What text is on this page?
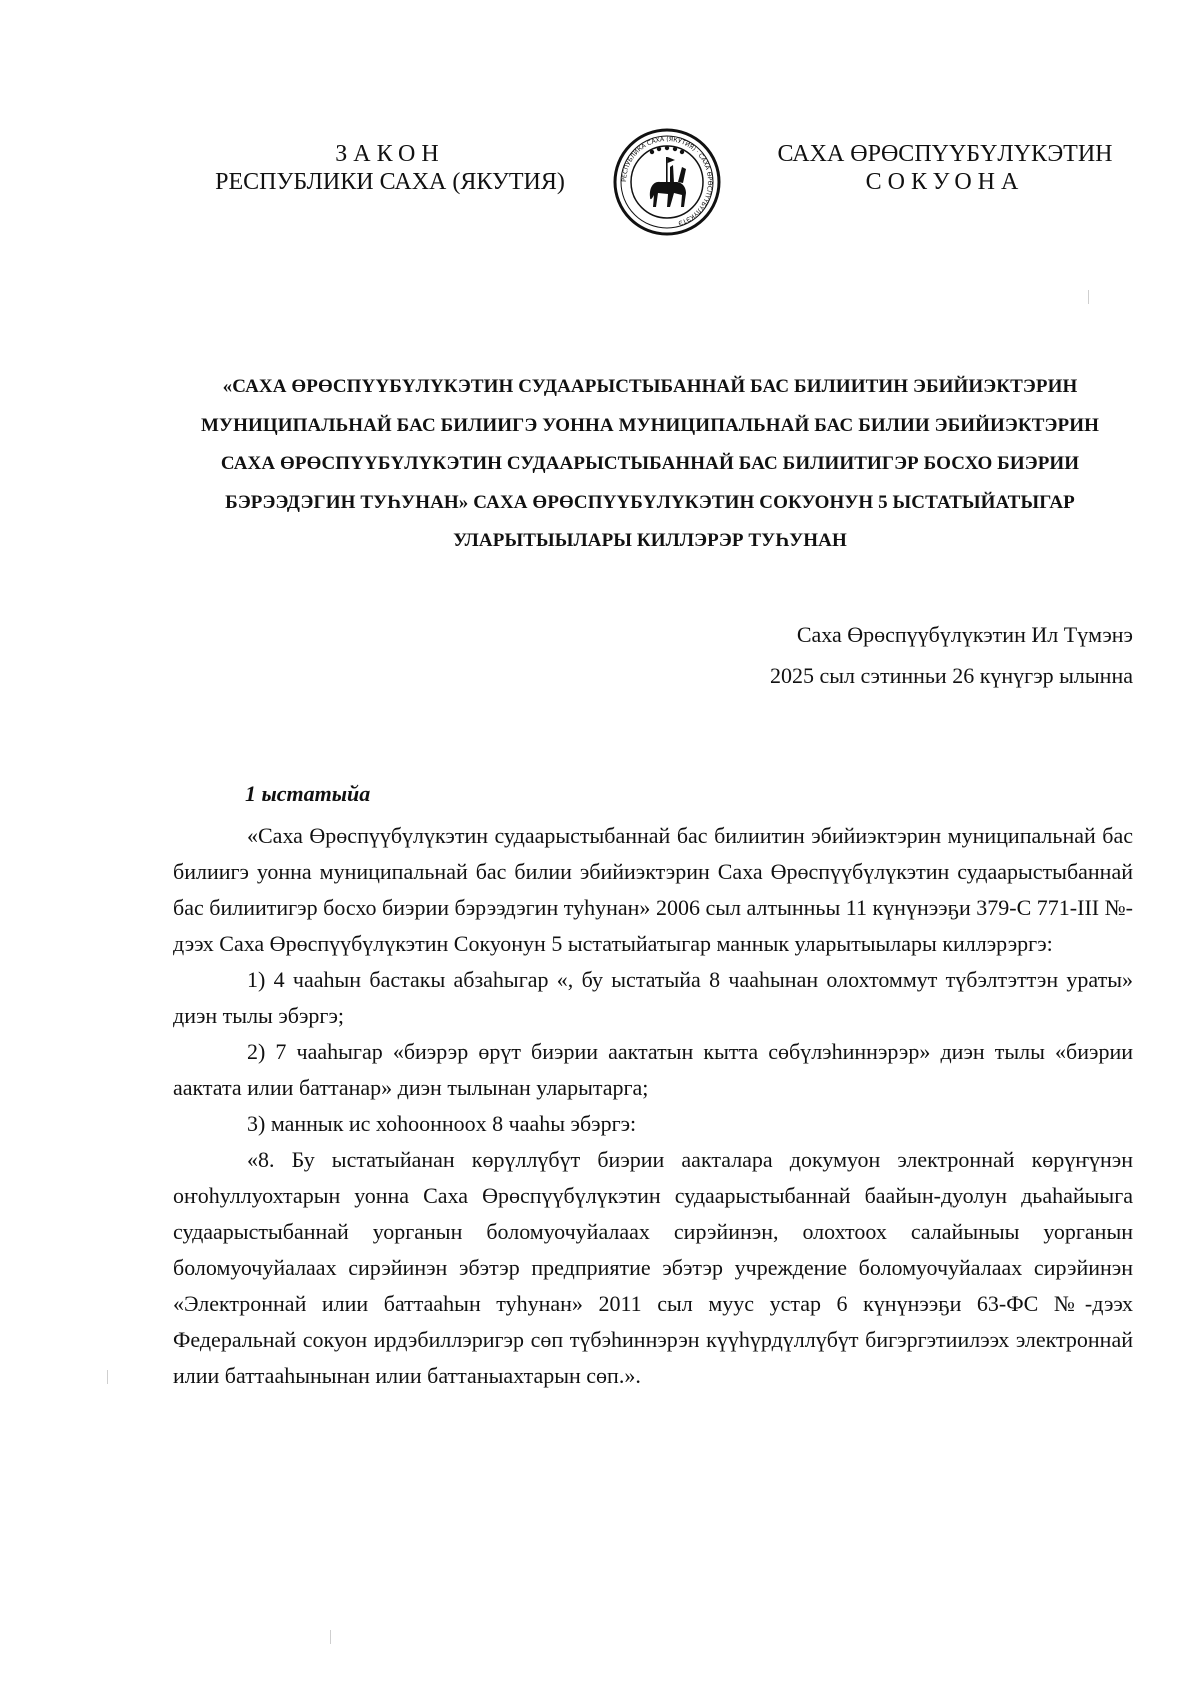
ЗАКОН
РЕСПУБЛИКИ САХА (ЯКУТИЯ)	РЕСПУБЛИКА САХА (ЯКУТИЯ) · САХА ӨРӨСПҮҮБҮЛҮКЭТЭ
САХА ӨРӨСПҮҮБҮЛҮКЭТИН
СОКУОНА
«САХА ӨРӨСПҮҮБҮЛҮКЭТИН СУДААРЫСТЫБАННАЙ БАС БИЛИИТИН ЭБИЙИЭКТЭРИН МУНИЦИПАЛЬНАЙ БАС БИЛИИГЭ УОННА МУНИЦИПАЛЬНАЙ БАС БИЛИИ ЭБИЙИЭКТЭРИН САХА ӨРӨСПҮҮБҮЛҮКЭТИН СУДААРЫСТЫБАННАЙ БАС БИЛИИТИГЭР БОСХО БИЭРИИ БЭРЭЭДЭГИН ТУҺУНАН» САХА ӨРӨСПҮҮБҮЛҮКЭТИН СОКУОНУН 5 ЫСТАТЫЙАТЫГАР УЛАРЫТЫЫЛАРЫ КИЛЛЭРЭР ТУҺУНАН
Саха Өрөспүүбүлүкэтин Ил Түмэнэ
2025 сыл сэтинньи 26 күнүгэр ылынна
1 ыстатыйа

«Саха Өрөспүүбүлүкэтин судаарыстыбаннай бас билиитин эбийиэктэрин муниципальнай бас билиигэ уонна муниципальнай бас билии эбийиэктэрин Саха Өрөспүүбүлүкэтин судаарыстыбаннай бас билиитигэр босхо биэрии бэрээдэгин туһунан» 2006 сыл алтынньы 11 күнүнээҕи 379-С 771-III №-дээх Саха Өрөспүүбүлүкэтин Сокуонун 5 ыстатыйатыгар маннык уларытыылары киллэрэргэ:

1) 4 чааһын бастакы абзаһыгар «, бу ыстатыйа 8 чааһынан олохтоммут түбэлтэттэн ураты» диэн тылы эбэргэ;

2) 7 чааһыгар «биэрэр өрүт биэрии аактатын кытта сөбүлэһиннэрэр» диэн тылы «биэрии аактата илии баттанар» диэн тылынан уларытарга;

3) маннык ис хоһооннооx 8 чааһы эбэргэ:

«8. Бу ыстатыйанан көрүллүбүт биэрии аакталара докумуон электроннай көрүҥүнэн оҥоһуллуохтарын уонна Саха Өрөспүүбүлүкэтин судаарыстыбаннай баайын-дуолун дьаһайыыга судаарыстыбаннай уорганын боломуочуйалаах сирэйинэн, олохтоох салайыныы уорганын боломуочуйалаах сирэйинэн эбэтэр предприятие эбэтэр учреждение боломуочуйалаах сирэйинэн «Электроннай илии баттааһын туһунан» 2011 сыл муус устар 6 күнүнээҕи 63-ФС №-дээх Федеральнай сокуон ирдэбиллэригэр сөп түбэһиннэрэн күүһүрдүллүбүт бигэргэтиилээх электроннай илии баттааһынынан илии баттаныахтарын сөп.».
